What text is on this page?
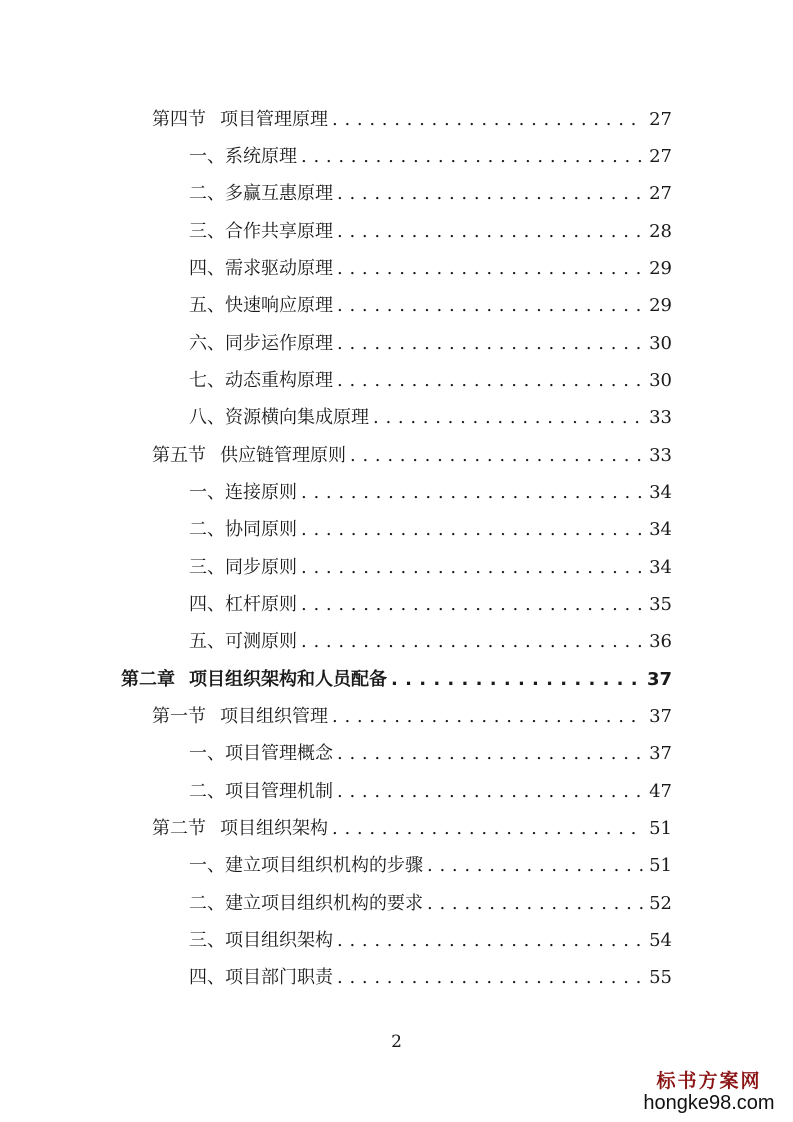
第四节 项目管理原理 . . .	27
一、系统原理 . . .	27
二、多赢互惠原理 . . .	27
三、合作共享原理 . . .	28
四、需求驱动原理 . . .	29
五、快速响应原理 . . .	29
六、同步运作原理 . . .	30
七、动态重构原理 . . .	30
八、资源横向集成原理 . . .	33
第五节 供应链管理原则 . . .	33
一、连接原则 . . .	34
二、协同原则 . . .	34
三、同步原则 . . .	34
四、杠杆原则 . . .	35
五、可测原则 . . .	36
第二章 项目组织架构和人员配备 . . .	37
第一节 项目组织管理 . . .	37
一、项目管理概念 . . .	37
二、项目管理机制 . . .	47
第二节 项目组织架构 . . .	51
一、建立项目组织机构的步骤 . . .	51
二、建立项目组织机构的要求 . . .	52
三、项目组织架构 . . .	54
四、项目部门职责 . . .	55
2
标书方案网
hongke98.com
